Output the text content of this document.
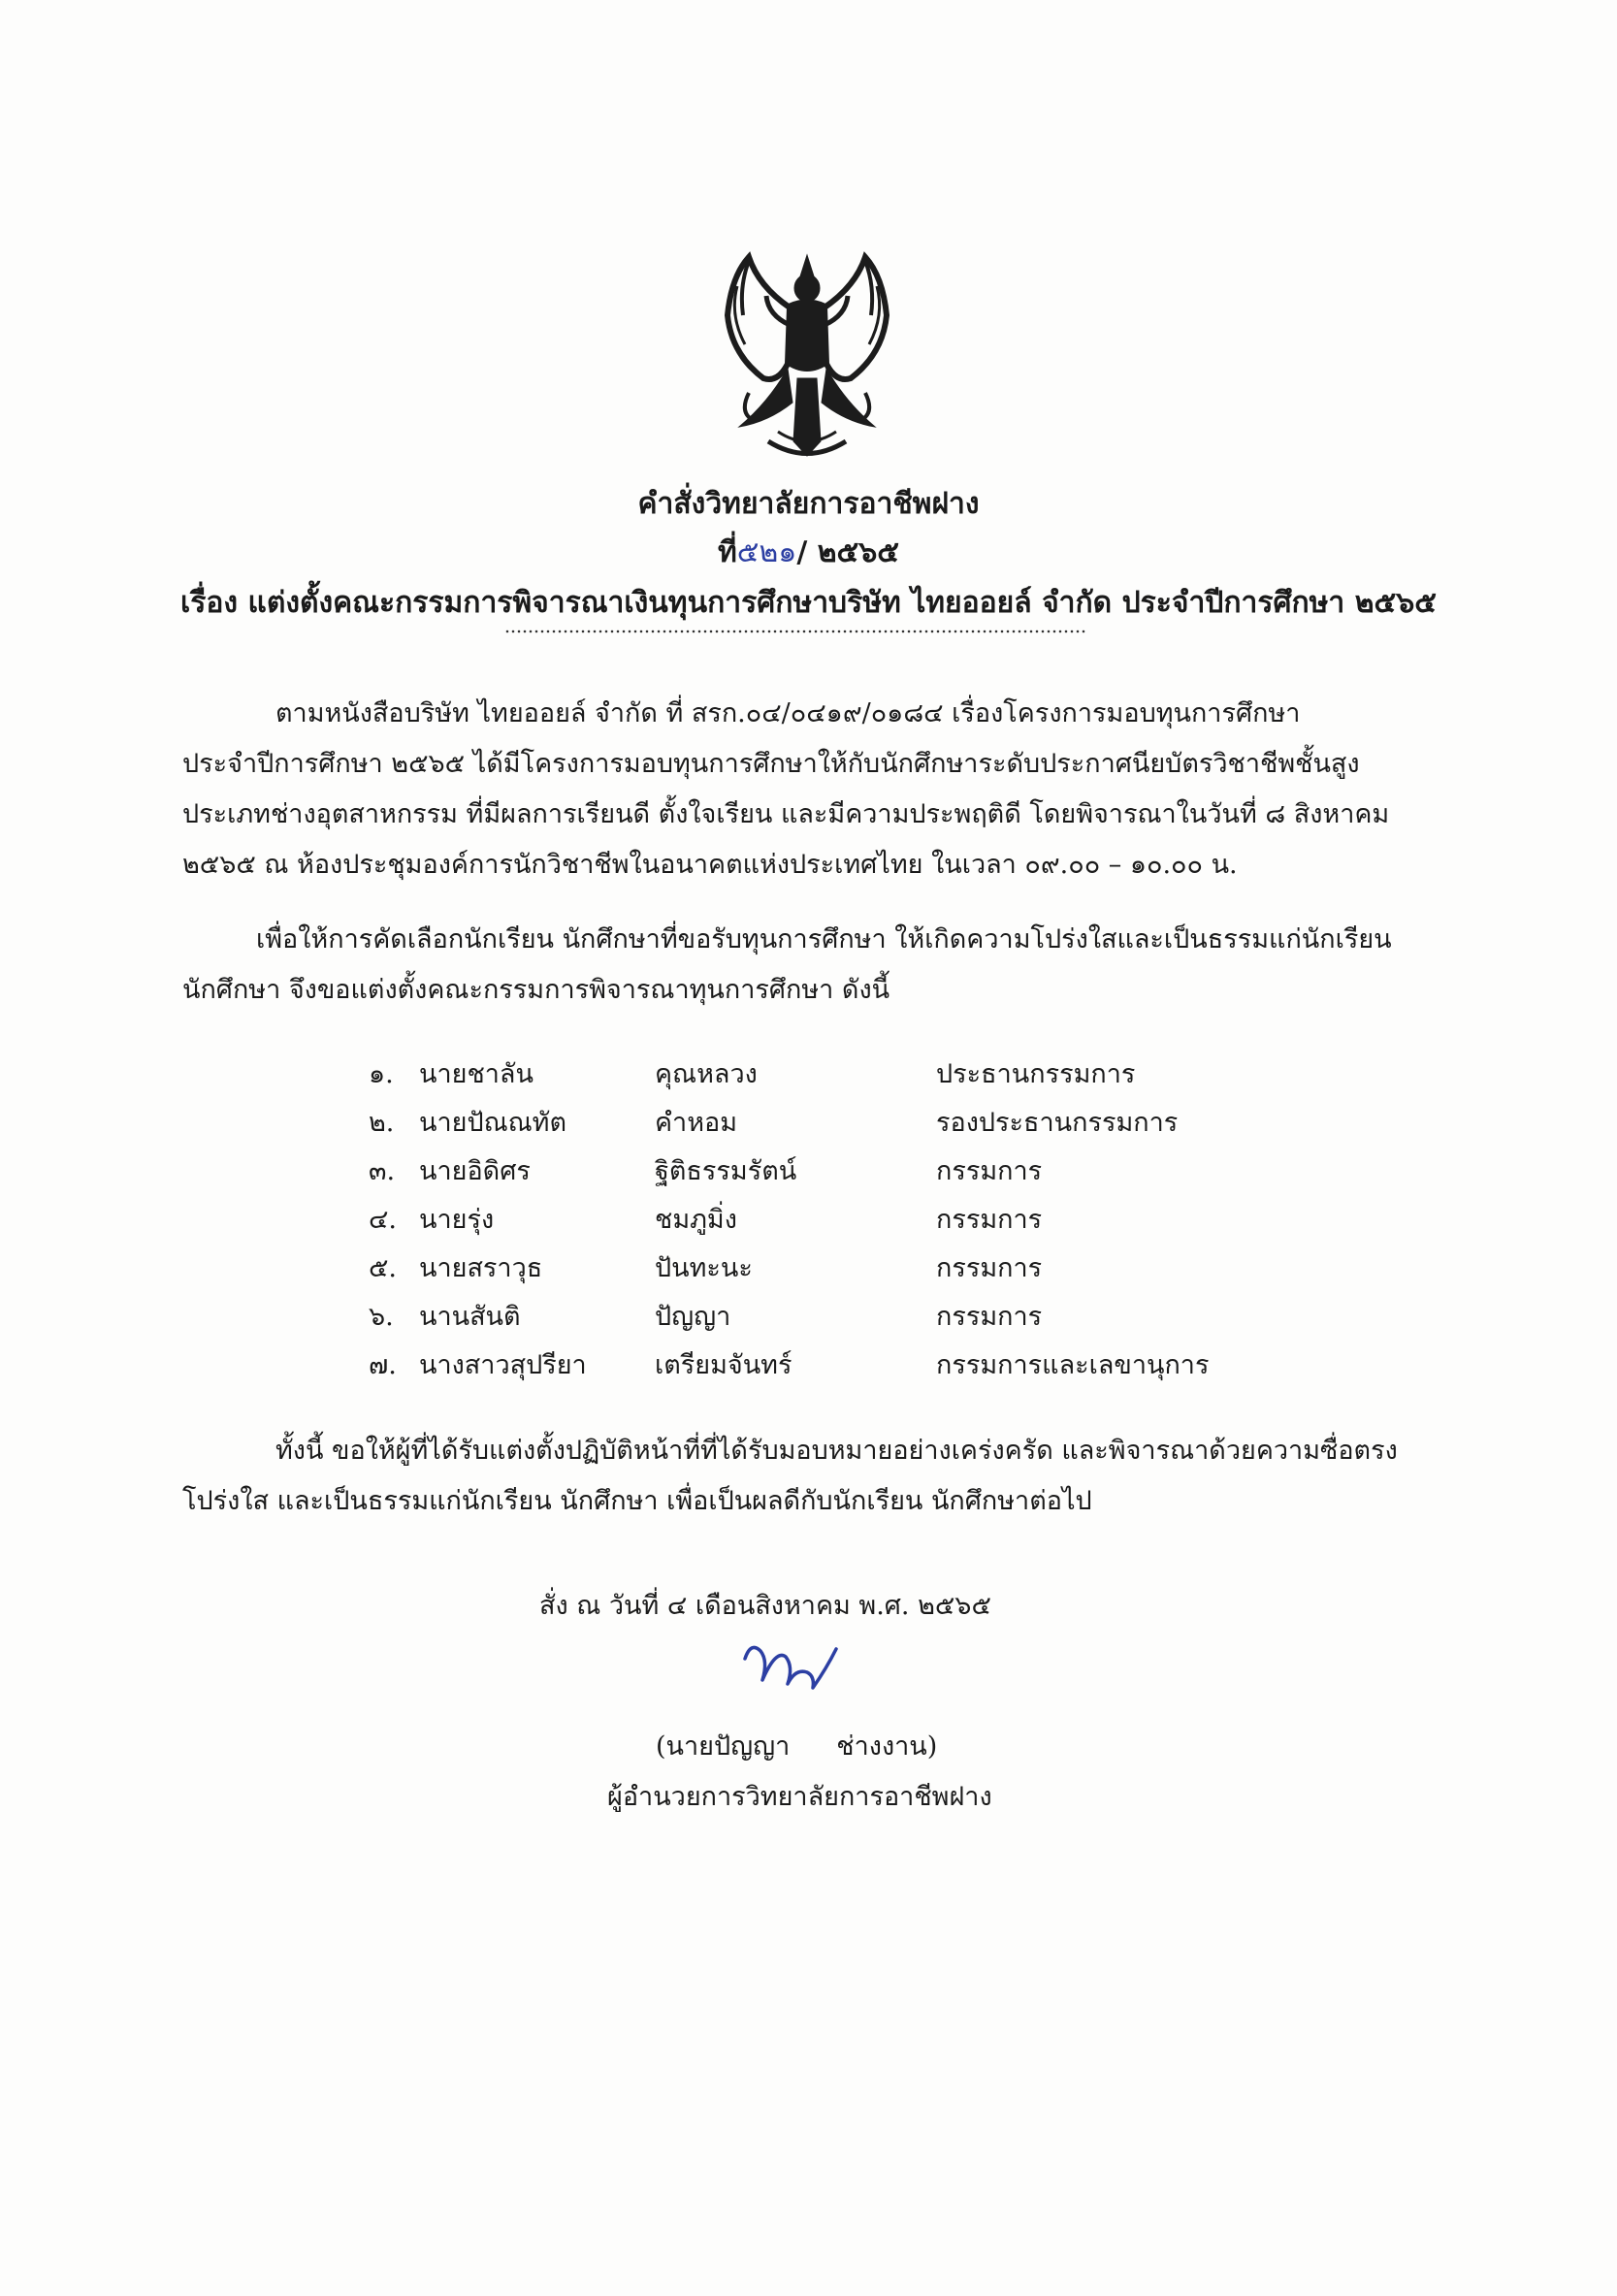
คำสั่งวิทยาลัยการอาชีพฝาง
ที่๕๒๑/ ๒๕๖๕
เรื่อง แต่งตั้งคณะกรรมการพิจารณาเงินทุนการศึกษาบริษัท ไทยออยล์ จำกัด ประจำปีการศึกษา ๒๕๖๕
ตามหนังสือบริษัท ไทยออยล์ จำกัด ที่ สรก.๐๔/๐๔๑๙/๐๑๘๔ เรื่องโครงการมอบทุนการศึกษา
ประจำปีการศึกษา ๒๕๖๕ ได้มีโครงการมอบทุนการศึกษาให้กับนักศึกษาระดับประกาศนียบัตรวิชาชีพชั้นสูง
ประเภทช่างอุตสาหกรรม ที่มีผลการเรียนดี ตั้งใจเรียน และมีความประพฤติดี โดยพิจารณาในวันที่ ๘ สิงหาคม
๒๕๖๕ ณ ห้องประชุมองค์การนักวิชาชีพในอนาคตแห่งประเทศไทย ในเวลา ๐๙.๐๐ – ๑๐.๐๐ น.
เพื่อให้การคัดเลือกนักเรียน นักศึกษาที่ขอรับทุนการศึกษา ให้เกิดความโปร่งใสและเป็นธรรมแก่นักเรียน
นักศึกษา จึงขอแต่งตั้งคณะกรรมการพิจารณาทุนการศึกษา ดังนี้
๑. นายชาลัน	คุณหลวง	ประธานกรรมการ
๒. นายปัณณทัต	คำหอม	รองประธานกรรมการ
๓. นายอิดิศร	ฐิติธรรมรัตน์	กรรมการ
๔. นายรุ่ง	ชมภูมิ่ง	กรรมการ
๕. นายสราวุธ	ปันทะนะ	กรรมการ
๖. นานสันติ	ปัญญา	กรรมการ
๗. นางสาวสุปรียา	เตรียมจันทร์	กรรมการและเลขานุการ
ทั้งนี้ ขอให้ผู้ที่ได้รับแต่งตั้งปฏิบัติหน้าที่ที่ได้รับมอบหมายอย่างเคร่งครัด และพิจารณาด้วยความซื่อตรง
โปร่งใส และเป็นธรรมแก่นักเรียน นักศึกษา เพื่อเป็นผลดีกับนักเรียน นักศึกษาต่อไป
สั่ง ณ วันที่ ๔ เดือนสิงหาคม พ.ศ. ๒๕๖๕
(นายปัญญา ช่างงาน)
ผู้อำนวยการวิทยาลัยการอาชีพฝาง
